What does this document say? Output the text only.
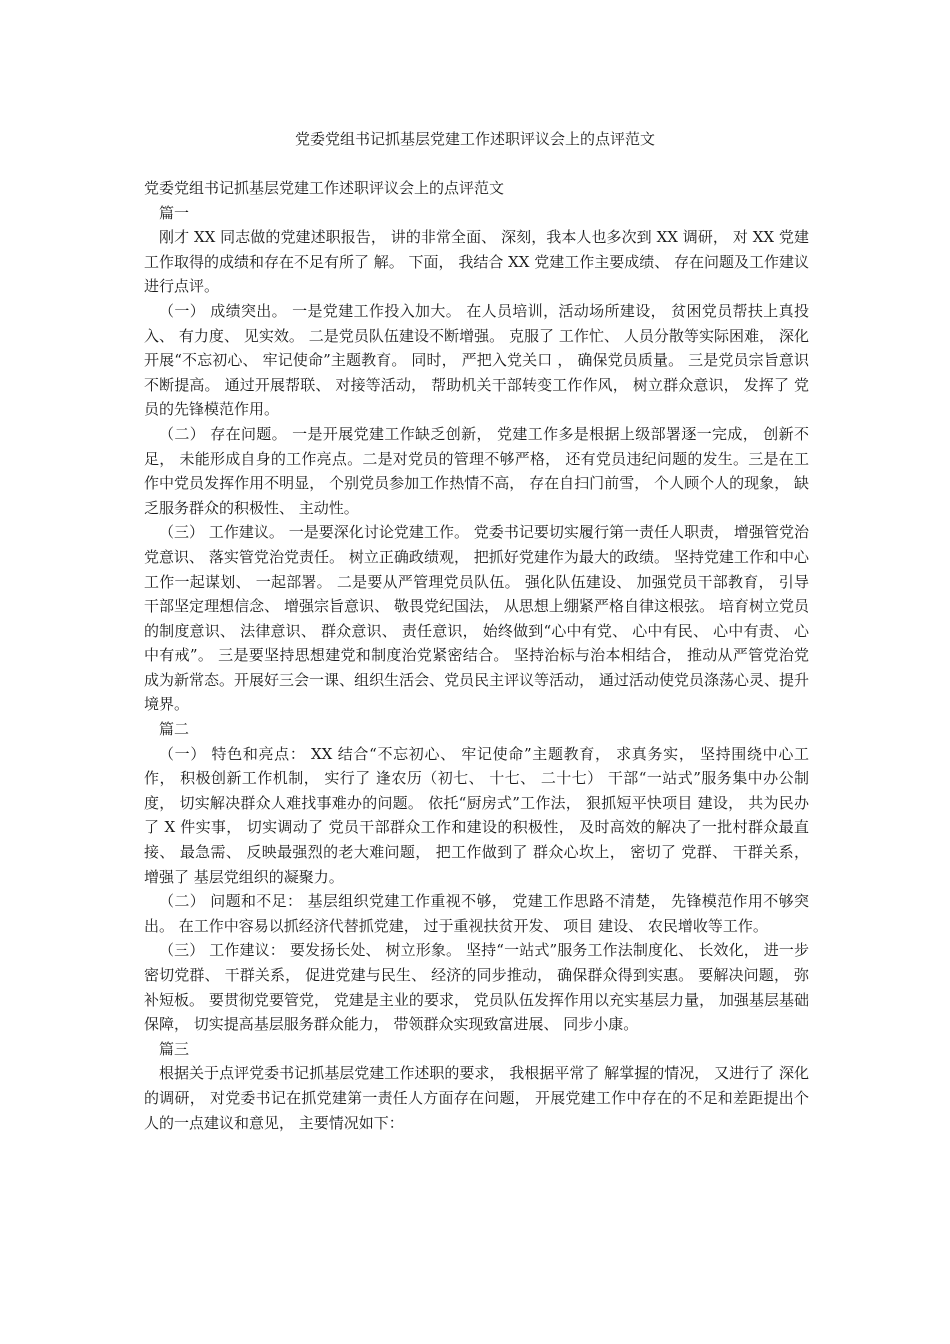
党委党组书记抓基层党建工作述职评议会上的点评范文

党委党组书记抓基层党建工作述职评议会上的点评范文

篇一

刚才 XX 同志做的党建述职报告， 讲的非常全面、 深刻，我本人也多次到 XX 调研， 对 XX 党建工作取得的成绩和存在不足有所了 解。 下面， 我结合 XX 党建工作主要成绩、 存在问题及工作建议进行点评。

（一） 成绩突出。 一是党建工作投入加大。 在人员培训，活动场所建设， 贫困党员帮扶上真投入、 有力度、 见实效。 二是党员队伍建设不断增强。 克服了 工作忙、 人员分散等实际困难， 深化开展“不忘初心、 牢记使命”主题教育。 同时， 严把入党关口 ， 确保党员质量。 三是党员宗旨意识不断提高。 通过开展帮联、 对接等活动， 帮助机关干部转变工作作风， 树立群众意识， 发挥了 党员的先锋模范作用。

（二） 存在问题。 一是开展党建工作缺乏创新， 党建工作多是根据上级部署逐一完成， 创新不足， 未能形成自身的工作亮点。二是对党员的管理不够严格， 还有党员违纪问题的发生。三是在工作中党员发挥作用不明显， 个别党员参加工作热情不高， 存在自扫门前雪， 个人顾个人的现象， 缺乏服务群众的积极性、 主动性。

（三） 工作建议。 一是要深化讨论党建工作。 党委书记要切实履行第一责任人职责， 增强管党治党意识、 落实管党治党责任。 树立正确政绩观， 把抓好党建作为最大的政绩。 坚持党建工作和中心工作一起谋划、 一起部署。 二是要从严管理党员队伍。 强化队伍建设、 加强党员干部教育， 引导干部坚定理想信念、 增强宗旨意识、 敬畏党纪国法， 从思想上绷紧严格自律这根弦。 培育树立党员的制度意识、 法律意识、 群众意识、 责任意识， 始终做到“心中有党、 心中有民、 心中有责、 心中有戒”。 三是要坚持思想建党和制度治党紧密结合。 坚持治标与治本相结合， 推动从严管党治党成为新常态。开展好三会一课、组织生活会、党员民主评议等活动， 通过活动使党员涤荡心灵、提升境界。

篇二

（一） 特色和亮点： XX 结合“不忘初心、 牢记使命”主题教育， 求真务实， 坚持围绕中心工作， 积极创新工作机制， 实行了 逢农历（初七、 十七、 二十七） 干部“一站式”服务集中办公制度， 切实解决群众人难找事难办的问题。 依托“厨房式”工作法， 狠抓短平快项目 建设， 共为民办了 X 件实事， 切实调动了 党员干部群众工作和建设的积极性， 及时高效的解决了一批村群众最直接、 最急需、 反映最强烈的老大难问题， 把工作做到了 群众心坎上， 密切了 党群、 干群关系， 增强了 基层党组织的凝聚力。

（二） 问题和不足： 基层组织党建工作重视不够， 党建工作思路不清楚， 先锋模范作用不够突出。 在工作中容易以抓经济代替抓党建， 过于重视扶贫开发、 项目 建设、 农民增收等工作。

（三） 工作建议： 要发扬长处、 树立形象。 坚持“一站式”服务工作法制度化、 长效化， 进一步密切党群、 干群关系， 促进党建与民生、 经济的同步推动， 确保群众得到实惠。 要解决问题， 弥补短板。 要贯彻党要管党， 党建是主业的要求， 党员队伍发挥作用以充实基层力量， 加强基层基础保障， 切实提高基层服务群众能力， 带领群众实现致富进展、 同步小康。

篇三

根据关于点评党委书记抓基层党建工作述职的要求， 我根据平常了 解掌握的情况， 又进行了 深化的调研， 对党委书记在抓党建第一责任人方面存在问题， 开展党建工作中存在的不足和差距提出个人的一点建议和意见， 主要情况如下：
